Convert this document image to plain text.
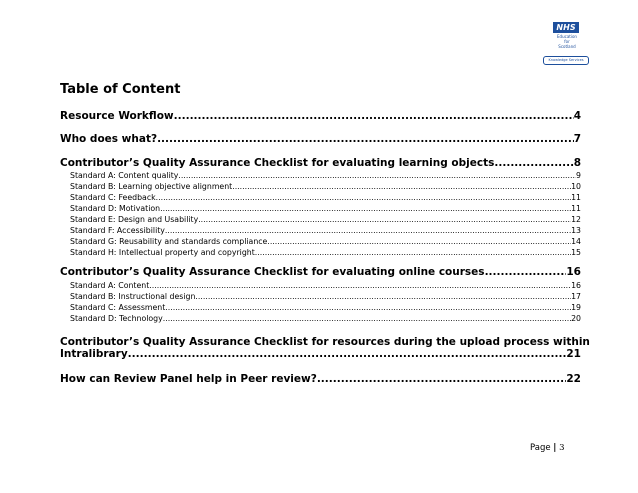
NHS
Education
for
Scotland
Knowledge Services
Table of Content
Resource Workflow .....	4
Who does what? .....	7
Contributor’s Quality Assurance Checklist for evaluating learning objects .....	8
Standard A: Content quality .....	9
Standard B: Learning objective alignment .....	10
Standard C: Feedback .....	11
Standard D: Motivation .....	11
Standard E: Design and Usability .....	12
Standard F: Accessibility .....	13
Standard G: Reusability and standards compliance .....	14
Standard H: Intellectual property and copyright .....	15
Contributor’s Quality Assurance Checklist for evaluating online courses .....	16
Standard A: Content .....	16
Standard B: Instructional design .....	17
Standard C: Assessment .....	19
Standard D: Technology .....	20
Contributor’s Quality Assurance Checklist for resources during the upload process within
Intralibrary .....	21
How can Review Panel help in Peer review? .....	22
Page | 3
